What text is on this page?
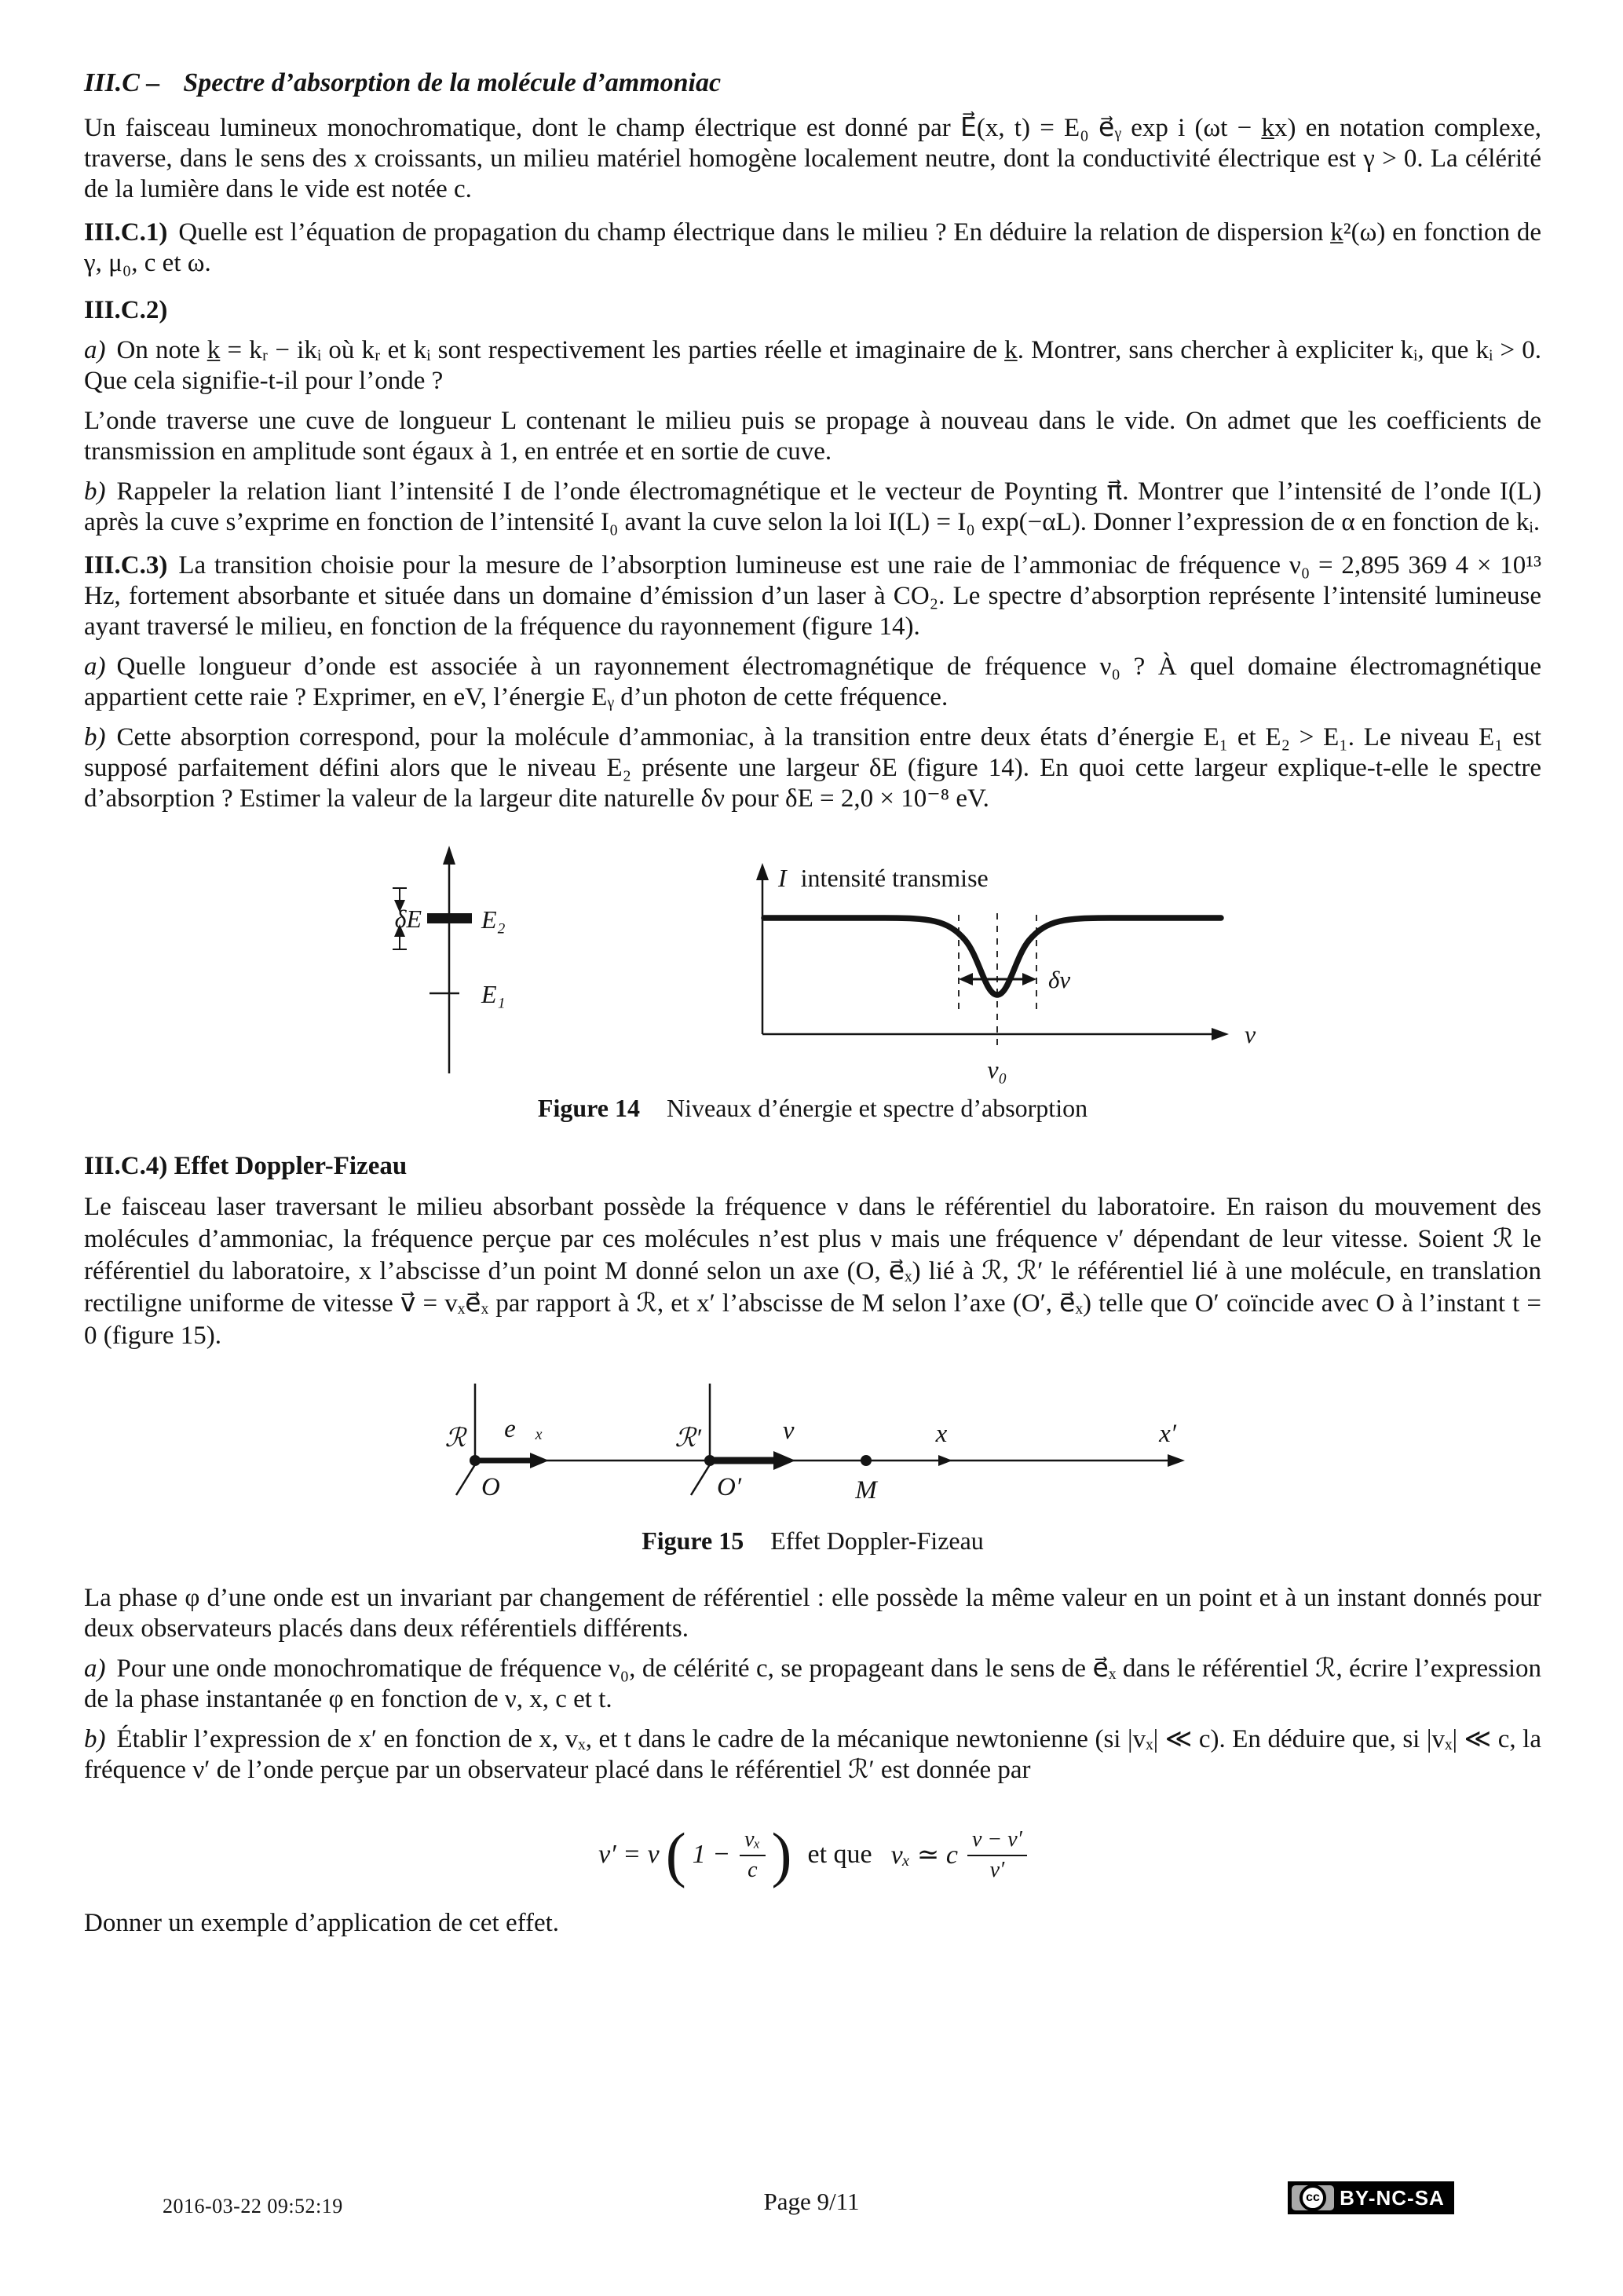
III.C – Spectre d’absorption de la molécule d’ammoniac

Un faisceau lumineux monochromatique, dont le champ électrique est donné par E⃗(x, t) = E₀ e⃗ᵧ exp i (ωt − k̲x) en notation complexe, traverse, dans le sens des x croissants, un milieu matériel homogène localement neutre, dont la conductivité électrique est γ > 0. La célérité de la lumière dans le vide est notée c.

III.C.1) Quelle est l’équation de propagation du champ électrique dans le milieu ? En déduire la relation de dispersion k̲²(ω) en fonction de γ, μ₀, c et ω.

III.C.2)

a) On note k̲ = kᵣ − ikᵢ où kᵣ et kᵢ sont respectivement les parties réelle et imaginaire de k̲. Montrer, sans chercher à expliciter kᵢ, que kᵢ > 0. Que cela signifie-t-il pour l’onde ?

L’onde traverse une cuve de longueur L contenant le milieu puis se propage à nouveau dans le vide. On admet que les coefficients de transmission en amplitude sont égaux à 1, en entrée et en sortie de cuve.

b) Rappeler la relation liant l’intensité I de l’onde électromagnétique et le vecteur de Poynting π⃗. Montrer que l’intensité de l’onde I(L) après la cuve s’exprime en fonction de l’intensité I₀ avant la cuve selon la loi I(L) = I₀ exp(−αL). Donner l’expression de α en fonction de kᵢ.

III.C.3) La transition choisie pour la mesure de l’absorption lumineuse est une raie de l’ammoniac de fréquence ν₀ = 2,895 369 4 × 10¹³ Hz, fortement absorbante et située dans un domaine d’émission d’un laser à CO₂. Le spectre d’absorption représente l’intensité lumineuse ayant traversé le milieu, en fonction de la fréquence du rayonnement (figure 14).

a) Quelle longueur d’onde est associée à un rayonnement électromagnétique de fréquence ν₀ ? À quel domaine électromagnétique appartient cette raie ? Exprimer, en eV, l’énergie Eᵧ d’un photon de cette fréquence.

b) Cette absorption correspond, pour la molécule d’ammoniac, à la transition entre deux états d’énergie E₁ et E₂ > E₁. Le niveau E₁ est supposé parfaitement défini alors que le niveau E₂ présente une largeur δE (figure 14). En quoi cette largeur explique-t-elle le spectre d’absorption ? Estimer la valeur de la largeur dite naturelle δν pour δE = 2,0 × 10⁻⁸ eV.

δE E₂
E₁
I intensité transmise
δν
ν
ν₀
Figure 14 Niveaux d’énergie et spectre d’absorption

III.C.4) Effet Doppler-Fizeau

Le faisceau laser traversant le milieu absorbant possède la fréquence ν dans le référentiel du laboratoire. En raison du mouvement des molécules d’ammoniac, la fréquence perçue par ces molécules n’est plus ν mais une fréquence ν′ dépendant de leur vitesse. Soient ℛ le référentiel du laboratoire, x l’abscisse d’un point M donné selon un axe (O, e⃗ₓ) lié à ℛ, ℛ′ le référentiel lié à une molécule, en translation rectiligne uniforme de vitesse v⃗ = vₓe⃗ₓ par rapport à ℛ, et x′ l’abscisse de M selon l’axe (O′, e⃗ₓ) telle que O′ coïncide avec O à l’instant t = 0 (figure 15).

ℛ e⃗ₓ	ℛ′	v⃗	x	x′
O	O′	M
Figure 15 Effet Doppler-Fizeau

La phase φ d’une onde est un invariant par changement de référentiel : elle possède la même valeur en un point et à un instant donnés pour deux observateurs placés dans deux référentiels différents.

a) Pour une onde monochromatique de fréquence ν₀, de célérité c, se propageant dans le sens de e⃗ₓ dans le référentiel ℛ, écrire l’expression de la phase instantanée φ en fonction de ν, x, c et t.

b) Établir l’expression de x′ en fonction de x, vₓ, et t dans le cadre de la mécanique newtonienne (si |vₓ| ≪ c). En déduire que, si |vₓ| ≪ c, la fréquence ν′ de l’onde perçue par un observateur placé dans le référentiel ℛ′ est donnée par

ν′ = ν ( $1 - \frac{\text{vₓ}}{c}$ ) et que vₓ ≃ c $\frac{\nu - \nu'}{\nu'}$

Donner un exemple d’application de cet effet.

2016-03-22 09:52:19	Page 9/11	cc BY-NC-SA
